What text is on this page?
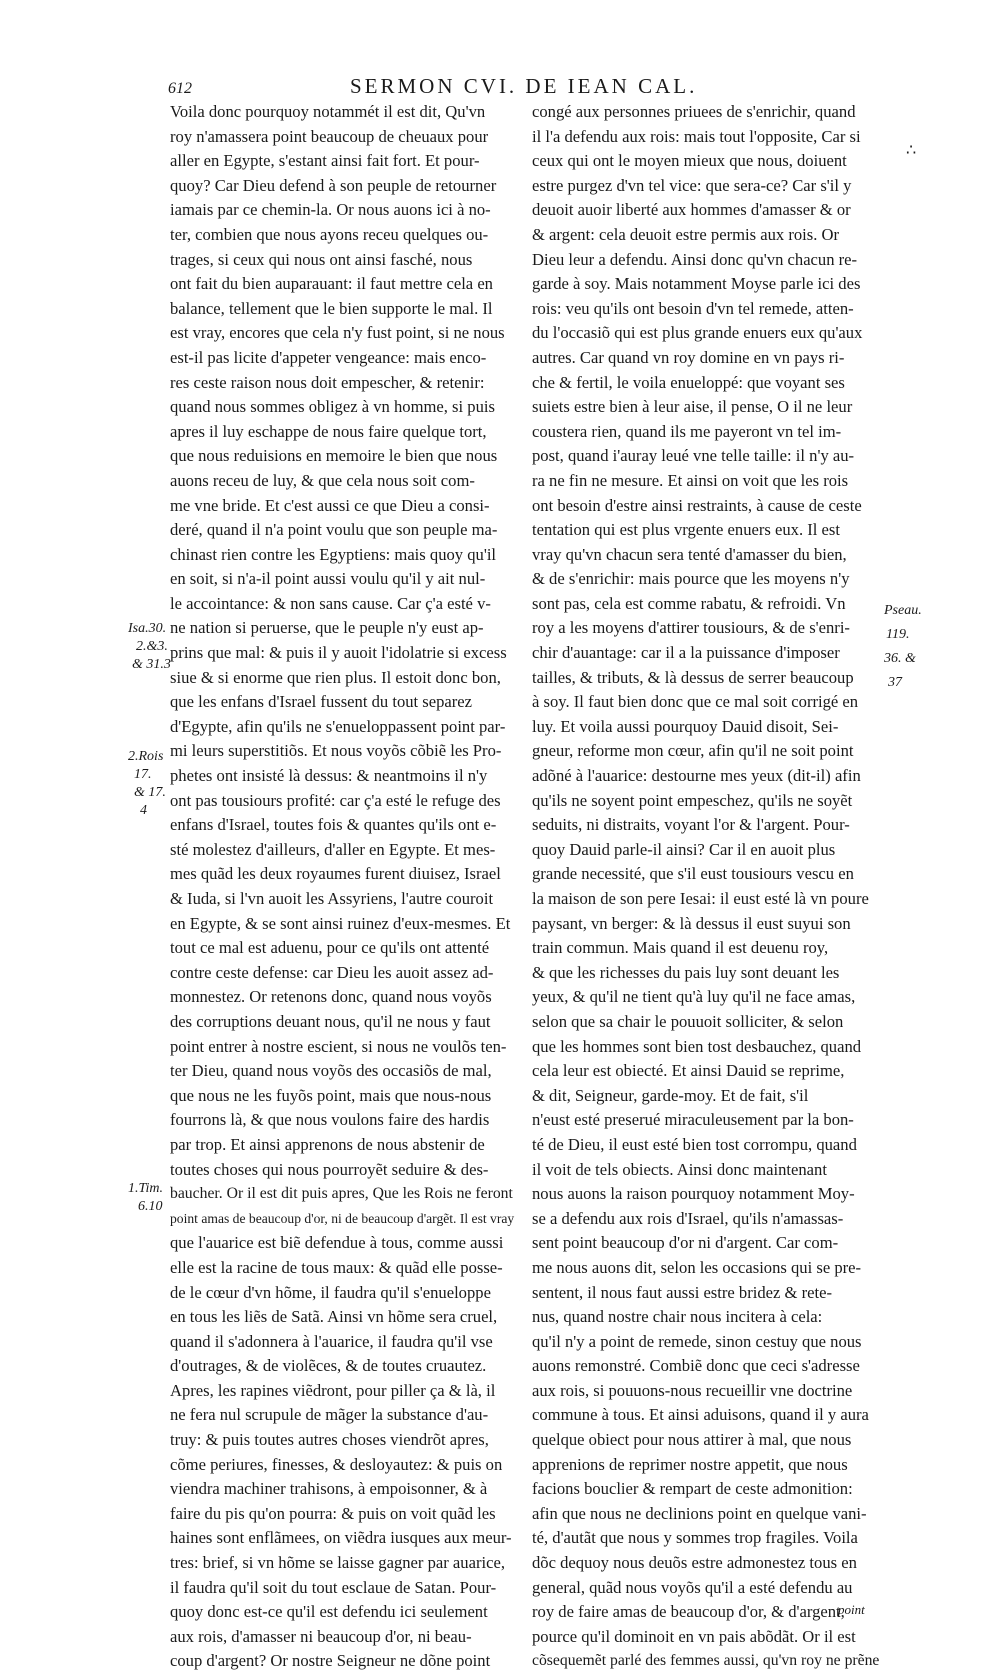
612	SERMON CVI. DE IEAN CAL.
Voila donc pourquoy notammét il est dit, Qu'vn
roy n'amassera point beaucoup de cheuaux pour
aller en Egypte, s'estant ainsi fait fort. Et pour-
quoy? Car Dieu defend à son peuple de retourner
iamais par ce chemin-la. Or nous auons ici à no-
ter, combien que nous ayons receu quelques ou-
trages, si ceux qui nous ont ainsi fasché, nous
ont fait du bien auparauant: il faut mettre cela en
balance, tellement que le bien supporte le mal. Il
est vray, encores que cela n'y fust point, si ne nous
est-il pas licite d'appeter vengeance: mais enco-
res ceste raison nous doit empescher, & retenir:
quand nous sommes obligez à vn homme, si puis
apres il luy eschappe de nous faire quelque tort,
que nous reduisions en memoire le bien que nous
auons receu de luy, & que cela nous soit com-
me vne bride. Et c'est aussi ce que Dieu a consi-
deré, quand il n'a point voulu que son peuple ma-
chinast rien contre les Egyptiens: mais quoy qu'il
en soit, si n'a-il point aussi voulu qu'il y ait nul-
le accointance: & non sans cause. Car ç'a esté v-
ne nation si peruerse, que le peuple n'y eust ap-
prins que mal: & puis il y auoit l'idolatrie si excess
siue & si enorme que rien plus. Il estoit donc bon,
que les enfans d'Israel fussent du tout separez
d'Egypte, afin qu'ils ne s'enueloppassent point par-
mi leurs superstitiõs. Et nous voyõs cõbiẽ les Pro-
phetes ont insisté là dessus: & neantmoins il n'y
ont pas tousiours profité: car ç'a esté le refuge des
enfans d'Israel, toutes fois & quantes qu'ils ont e-
sté molestez d'ailleurs, d'aller en Egypte. Et mes-
mes quãd les deux royaumes furent diuisez, Israel
& Iuda, si l'vn auoit les Assyriens, l'autre couroit
en Egypte, & se sont ainsi ruinez d'eux-mesmes. Et
tout ce mal est aduenu, pour ce qu'ils ont attenté
contre ceste defense: car Dieu les auoit assez ad-
monnestez. Or retenons donc, quand nous voyõs
des corruptions deuant nous, qu'il ne nous y faut
point entrer à nostre escient, si nous ne voulõs ten-
ter Dieu, quand nous voyõs des occasiõs de mal,
que nous ne les fuyõs point, mais que nous-nous
fourrons là, & que nous voulons faire des hardis
par trop. Et ainsi apprenons de nous abstenir de
toutes choses qui nous pourroyẽt seduire & des-
baucher. Or il est dit puis apres, Que les Rois ne feront
point amas de beaucoup d'or, ni de beaucoup d'argẽt. Il est vray
que l'auarice est biẽ defendue à tous, comme aussi
elle est la racine de tous maux: & quãd elle posse-
de le cœur d'vn hõme, il faudra qu'il s'enueloppe
en tous les liẽs de Satã. Ainsi vn hõme sera cruel,
quand il s'adonnera à l'auarice, il faudra qu'il vse
d'outrages, & de violẽces, & de toutes cruautez.
Apres, les rapines viẽdront, pour piller ça & là, il
ne fera nul scrupule de mãger la substance d'au-
truy: & puis toutes autres choses viendrõt apres,
cõme periures, finesses, & desloyautez: & puis on
viendra machiner trahisons, à empoisonner, & à
faire du pis qu'on pourra: & puis on voit quãd les
haines sont enflãmees, on viẽdra iusques aux meur-
tres: brief, si vn hõme se laisse gagner par auarice,
il faudra qu'il soit du tout esclaue de Satan. Pour-
quoy donc est-ce qu'il est defendu ici seulement
aux rois, d'amasser ni beaucoup d'or, ni beau-
coup d'argent? Or nostre Seigneur ne dõne point
congé aux personnes priuees de s'enrichir, quand
il l'a defendu aux rois: mais tout l'opposite, Car si
ceux qui ont le moyen mieux que nous, doiuent
estre purgez d'vn tel vice: que sera-ce? Car s'il y
deuoit auoir liberté aux hommes d'amasser & or
& argent: cela deuoit estre permis aux rois. Or
Dieu leur a defendu. Ainsi donc qu'vn chacun re-
garde à soy. Mais notamment Moyse parle ici des
rois: veu qu'ils ont besoin d'vn tel remede, atten-
du l'occasiõ qui est plus grande enuers eux qu'aux
autres. Car quand vn roy domine en vn pays ri-
che & fertil, le voila enueloppé: que voyant ses
suiets estre bien à leur aise, il pense, O il ne leur
coustera rien, quand ils me payeront vn tel im-
post, quand i'auray leué vne telle taille: il n'y au-
ra ne fin ne mesure. Et ainsi on voit que les rois
ont besoin d'estre ainsi restraints, à cause de ceste
tentation qui est plus vrgente enuers eux. Il est
vray qu'vn chacun sera tenté d'amasser du bien,
& de s'enrichir: mais pource que les moyens n'y
sont pas, cela est comme rabatu, & refroidi. Vn
roy a les moyens d'attirer tousiours, & de s'enri-
chir d'auantage: car il a la puissance d'imposer
tailles, & tributs, & là dessus de serrer beaucoup
à soy. Il faut bien donc que ce mal soit corrigé en
luy. Et voila aussi pourquoy Dauid disoit, Sei-
gneur, reforme mon cœur, afin qu'il ne soit point
adõné à l'auarice: destourne mes yeux (dit-il) afin
qu'ils ne soyent point empeschez, qu'ils ne soyẽt
seduits, ni distraits, voyant l'or & l'argent. Pour-
quoy Dauid parle-il ainsi? Car il en auoit plus
grande necessité, que s'il eust tousiours vescu en
la maison de son pere Iesai: il eust esté là vn poure
paysant, vn berger: & là dessus il eust suyui son
train commun. Mais quand il est deuenu roy,
& que les richesses du pais luy sont deuant les
yeux, & qu'il ne tient qu'à luy qu'il ne face amas,
selon que sa chair le pouuoit solliciter, & selon
que les hommes sont bien tost desbauchez, quand
cela leur est obiecté. Et ainsi Dauid se reprime,
& dit, Seigneur, garde-moy. Et de fait, s'il
n'eust esté preserué miraculeusement par la bon-
té de Dieu, il eust esté bien tost corrompu, quand
il voit de tels obiects. Ainsi donc maintenant
nous auons la raison pourquoy notamment Moy-
se a defendu aux rois d'Israel, qu'ils n'amassas-
sent point beaucoup d'or ni d'argent. Car com-
me nous auons dit, selon les occasions qui se pre-
sentent, il nous faut aussi estre bridez & rete-
nus, quand nostre chair nous incitera à cela:
qu'il n'y a point de remede, sinon cestuy que nous
auons remonstré. Combiẽ donc que ceci s'adresse
aux rois, si pouuons-nous recueillir vne doctrine
commune à tous. Et ainsi aduisons, quand il y aura
quelque obiect pour nous attirer à mal, que nous
apprenions de reprimer nostre appetit, que nous
facions bouclier & rempart de ceste admonition:
afin que nous ne declinions point en quelque vani-
té, d'autãt que nous y sommes trop fragiles. Voila
dõc dequoy nous deuõs estre admonestez tous en
general, quãd nous voyõs qu'il a esté defendu au
roy de faire amas de beaucoup d'or, & d'argent,
pource qu'il dominoit en vn pais abõdãt. Or il est
cõsequemẽt parlé des femmes aussi, qu'vn roy ne prẽne
Isa.30.
2.&3.
& 31.3
2.Rois
17.
& 17.
4
1.Tim.
6.10
Pseau.
119.
36. &
37
∴
point
